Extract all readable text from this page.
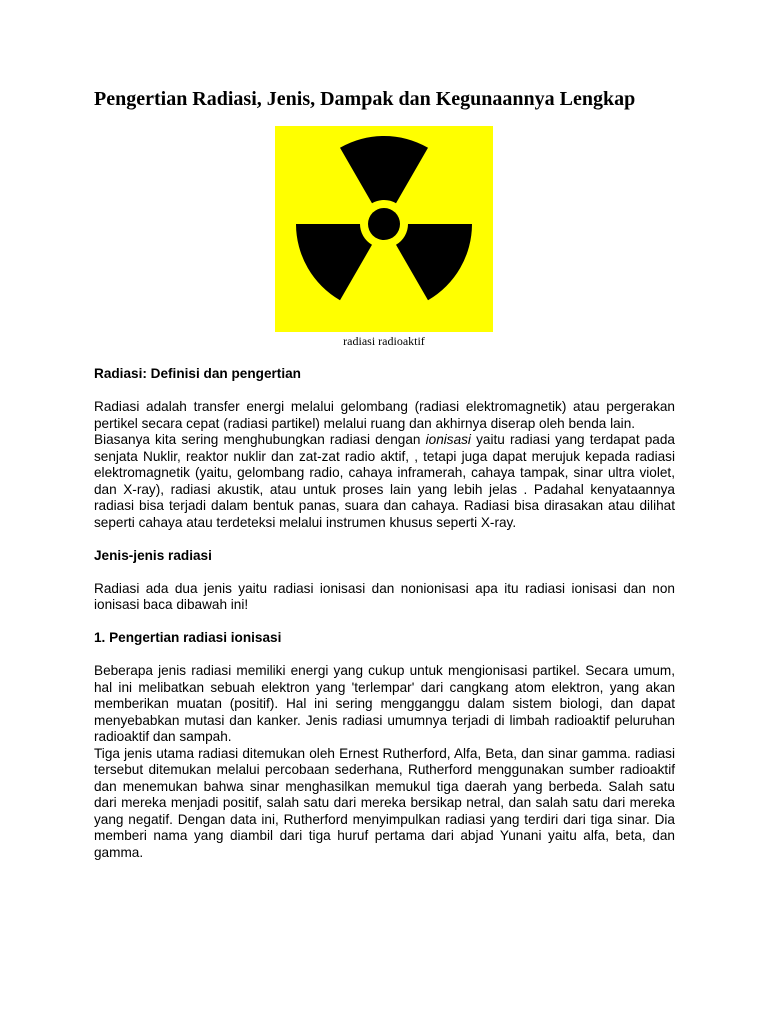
Pengertian Radiasi, Jenis, Dampak dan Kegunaannya Lengkap
radiasi radioaktif
Radiasi: Definisi dan pengertian

Radiasi adalah transfer energi melalui gelombang (radiasi elektromagnetik) atau pergerakan pertikel secara cepat (radiasi partikel) melalui ruang dan akhirnya diserap oleh benda lain.

Biasanya kita sering menghubungkan radiasi dengan ionisasi yaitu radiasi yang terdapat pada senjata Nuklir, reaktor nuklir dan zat-zat radio aktif, , tetapi juga dapat merujuk kepada radiasi elektromagnetik (yaitu, gelombang radio, cahaya inframerah, cahaya tampak, sinar ultra violet, dan X-ray), radiasi akustik, atau untuk proses lain yang lebih jelas . Padahal kenyataannya radiasi bisa terjadi dalam bentuk panas, suara dan cahaya. Radiasi bisa dirasakan atau dilihat seperti cahaya atau terdeteksi melalui instrumen khusus seperti X-ray.

Jenis-jenis radiasi

Radiasi ada dua jenis yaitu radiasi ionisasi dan nonionisasi apa itu radiasi ionisasi dan non ionisasi baca dibawah ini!

1. Pengertian radiasi ionisasi

Beberapa jenis radiasi memiliki energi yang cukup untuk mengionisasi partikel. Secara umum, hal ini melibatkan sebuah elektron yang 'terlempar' dari cangkang atom elektron, yang akan memberikan muatan (positif). Hal ini sering mengganggu dalam sistem biologi, dan dapat menyebabkan mutasi dan kanker. Jenis radiasi umumnya terjadi di limbah radioaktif peluruhan radioaktif dan sampah.

Tiga jenis utama radiasi ditemukan oleh Ernest Rutherford, Alfa, Beta, dan sinar gamma. radiasi tersebut ditemukan melalui percobaan sederhana, Rutherford menggunakan sumber radioaktif dan menemukan bahwa sinar menghasilkan memukul tiga daerah yang berbeda. Salah satu dari mereka menjadi positif, salah satu dari mereka bersikap netral, dan salah satu dari mereka yang negatif. Dengan data ini, Rutherford menyimpulkan radiasi yang terdiri dari tiga sinar. Dia memberi nama yang diambil dari tiga huruf pertama dari abjad Yunani yaitu alfa, beta, dan gamma.
